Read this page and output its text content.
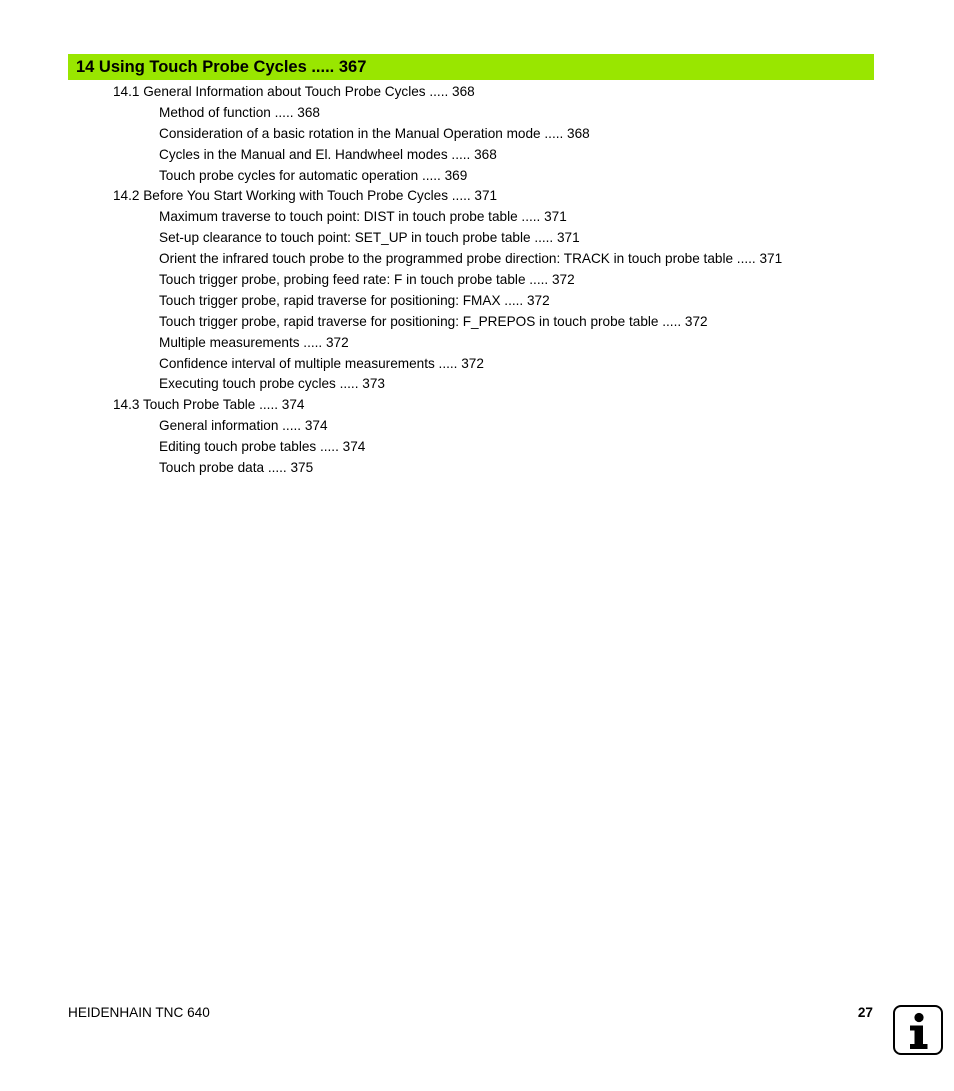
14 Using Touch Probe Cycles ..... 367
14.1 General Information about Touch Probe Cycles ..... 368
Method of function ..... 368
Consideration of a basic rotation in the Manual Operation mode ..... 368
Cycles in the Manual and El. Handwheel modes ..... 368
Touch probe cycles for automatic operation ..... 369
14.2 Before You Start Working with Touch Probe Cycles ..... 371
Maximum traverse to touch point: DIST in touch probe table ..... 371
Set-up clearance to touch point: SET_UP in touch probe table ..... 371
Orient the infrared touch probe to the programmed probe direction: TRACK in touch probe table ..... 371
Touch trigger probe, probing feed rate: F in touch probe table ..... 372
Touch trigger probe, rapid traverse for positioning: FMAX ..... 372
Touch trigger probe, rapid traverse for positioning: F_PREPOS in touch probe table ..... 372
Multiple measurements ..... 372
Confidence interval of multiple measurements ..... 372
Executing touch probe cycles ..... 373
14.3 Touch Probe Table ..... 374
General information ..... 374
Editing touch probe tables ..... 374
Touch probe data ..... 375
HEIDENHAIN TNC 640	27
